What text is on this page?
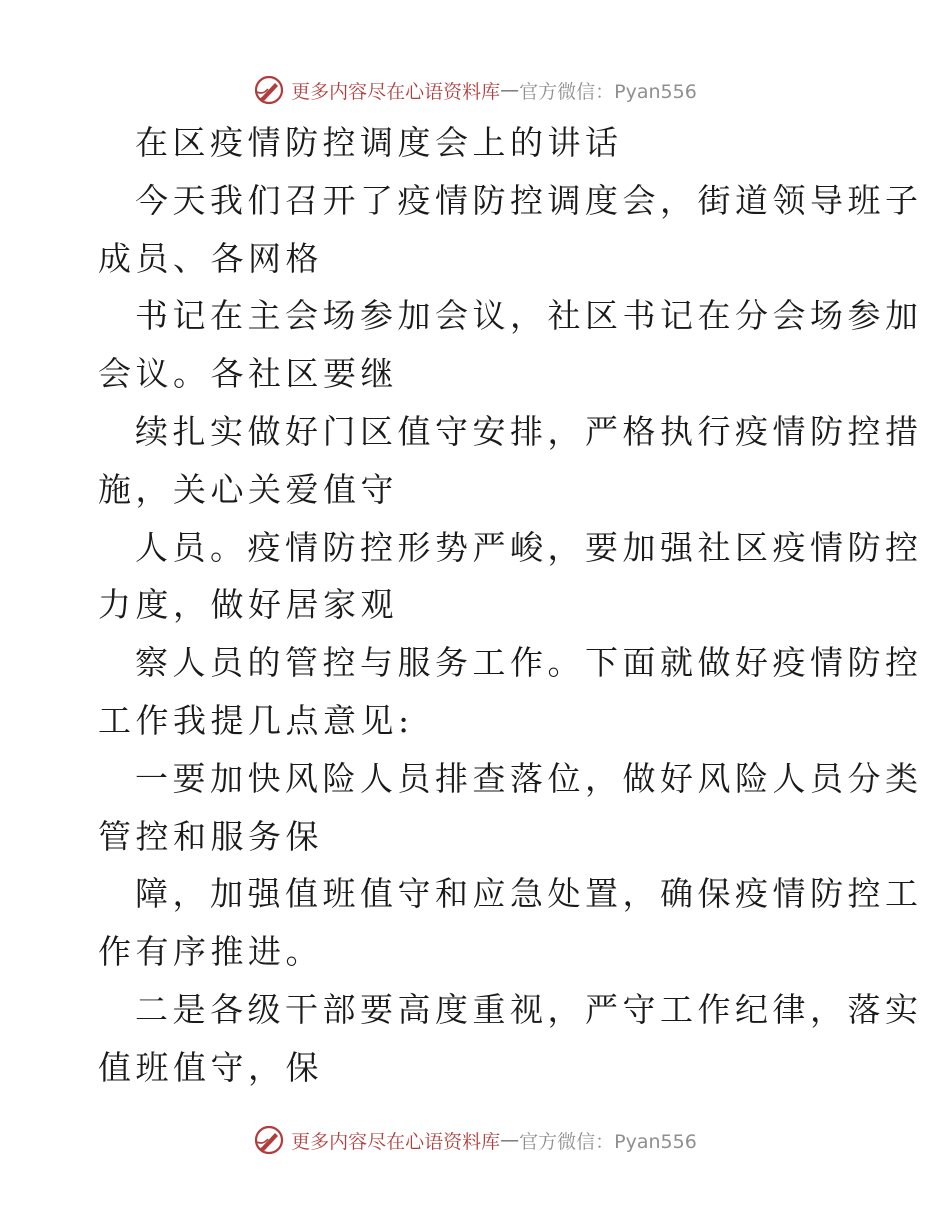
更多内容尽在心语资料库 — 官方微信：Pyan556
在区疫情防控调度会上的讲话
今天我们召开了疫情防控调度会，街道领导班子
成员、各网格
书记在主会场参加会议，社区书记在分会场参加
会议。各社区要继
续扎实做好门区值守安排，严格执行疫情防控措
施，关心关爱值守
人员。疫情防控形势严峻，要加强社区疫情防控
力度，做好居家观
察人员的管控与服务工作。下面就做好疫情防控
工作我提几点意见:
一要加快风险人员排查落位，做好风险人员分类
管控和服务保
障，加强值班值守和应急处置，确保疫情防控工
作有序推进。
二是各级干部要高度重视，严守工作纪律，落实
值班值守，保
更多内容尽在心语资料库 — 官方微信：Pyan556
